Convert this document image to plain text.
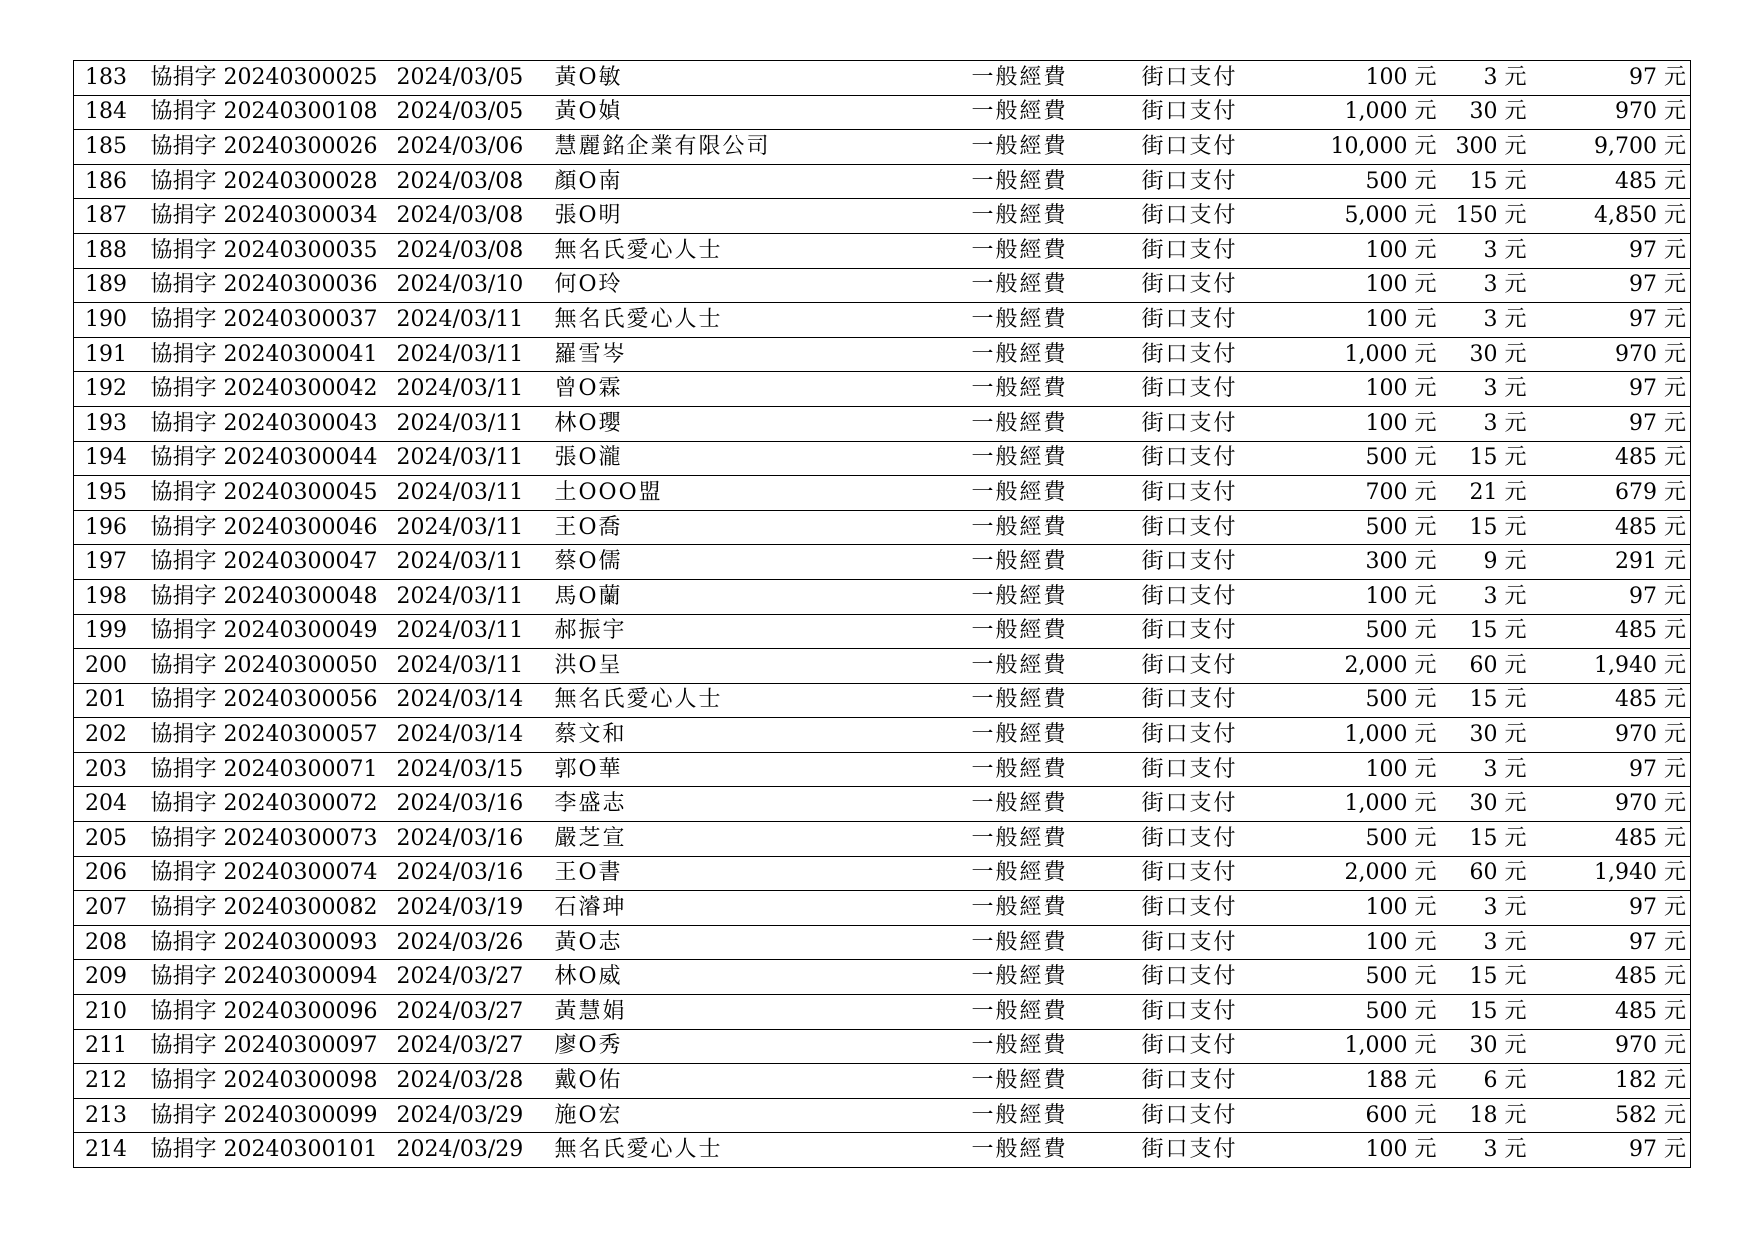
183	協捐字 20240300025	2024/03/05	黃O敏	一般經費	街口支付	100 元	3 元	97 元
184	協捐字 20240300108	2024/03/05	黃O媜	一般經費	街口支付	1,000 元	30 元	970 元
185	協捐字 20240300026	2024/03/06	慧麗銘企業有限公司	一般經費	街口支付	10,000 元	300 元	9,700 元
186	協捐字 20240300028	2024/03/08	顏O南	一般經費	街口支付	500 元	15 元	485 元
187	協捐字 20240300034	2024/03/08	張O明	一般經費	街口支付	5,000 元	150 元	4,850 元
188	協捐字 20240300035	2024/03/08	無名氏愛心人士	一般經費	街口支付	100 元	3 元	97 元
189	協捐字 20240300036	2024/03/10	何O玲	一般經費	街口支付	100 元	3 元	97 元
190	協捐字 20240300037	2024/03/11	無名氏愛心人士	一般經費	街口支付	100 元	3 元	97 元
191	協捐字 20240300041	2024/03/11	羅雪岑	一般經費	街口支付	1,000 元	30 元	970 元
192	協捐字 20240300042	2024/03/11	曾O霖	一般經費	街口支付	100 元	3 元	97 元
193	協捐字 20240300043	2024/03/11	林O瓔	一般經費	街口支付	100 元	3 元	97 元
194	協捐字 20240300044	2024/03/11	張O瀧	一般經費	街口支付	500 元	15 元	485 元
195	協捐字 20240300045	2024/03/11	土OOO盟	一般經費	街口支付	700 元	21 元	679 元
196	協捐字 20240300046	2024/03/11	王O喬	一般經費	街口支付	500 元	15 元	485 元
197	協捐字 20240300047	2024/03/11	蔡O儒	一般經費	街口支付	300 元	9 元	291 元
198	協捐字 20240300048	2024/03/11	馬O蘭	一般經費	街口支付	100 元	3 元	97 元
199	協捐字 20240300049	2024/03/11	郝振宇	一般經費	街口支付	500 元	15 元	485 元
200	協捐字 20240300050	2024/03/11	洪O呈	一般經費	街口支付	2,000 元	60 元	1,940 元
201	協捐字 20240300056	2024/03/14	無名氏愛心人士	一般經費	街口支付	500 元	15 元	485 元
202	協捐字 20240300057	2024/03/14	蔡文和	一般經費	街口支付	1,000 元	30 元	970 元
203	協捐字 20240300071	2024/03/15	郭O華	一般經費	街口支付	100 元	3 元	97 元
204	協捐字 20240300072	2024/03/16	李盛志	一般經費	街口支付	1,000 元	30 元	970 元
205	協捐字 20240300073	2024/03/16	嚴芝宣	一般經費	街口支付	500 元	15 元	485 元
206	協捐字 20240300074	2024/03/16	王O書	一般經費	街口支付	2,000 元	60 元	1,940 元
207	協捐字 20240300082	2024/03/19	石濬珅	一般經費	街口支付	100 元	3 元	97 元
208	協捐字 20240300093	2024/03/26	黃O志	一般經費	街口支付	100 元	3 元	97 元
209	協捐字 20240300094	2024/03/27	林O威	一般經費	街口支付	500 元	15 元	485 元
210	協捐字 20240300096	2024/03/27	黃慧娟	一般經費	街口支付	500 元	15 元	485 元
211	協捐字 20240300097	2024/03/27	廖O秀	一般經費	街口支付	1,000 元	30 元	970 元
212	協捐字 20240300098	2024/03/28	戴O佑	一般經費	街口支付	188 元	6 元	182 元
213	協捐字 20240300099	2024/03/29	施O宏	一般經費	街口支付	600 元	18 元	582 元
214	協捐字 20240300101	2024/03/29	無名氏愛心人士	一般經費	街口支付	100 元	3 元	97 元
